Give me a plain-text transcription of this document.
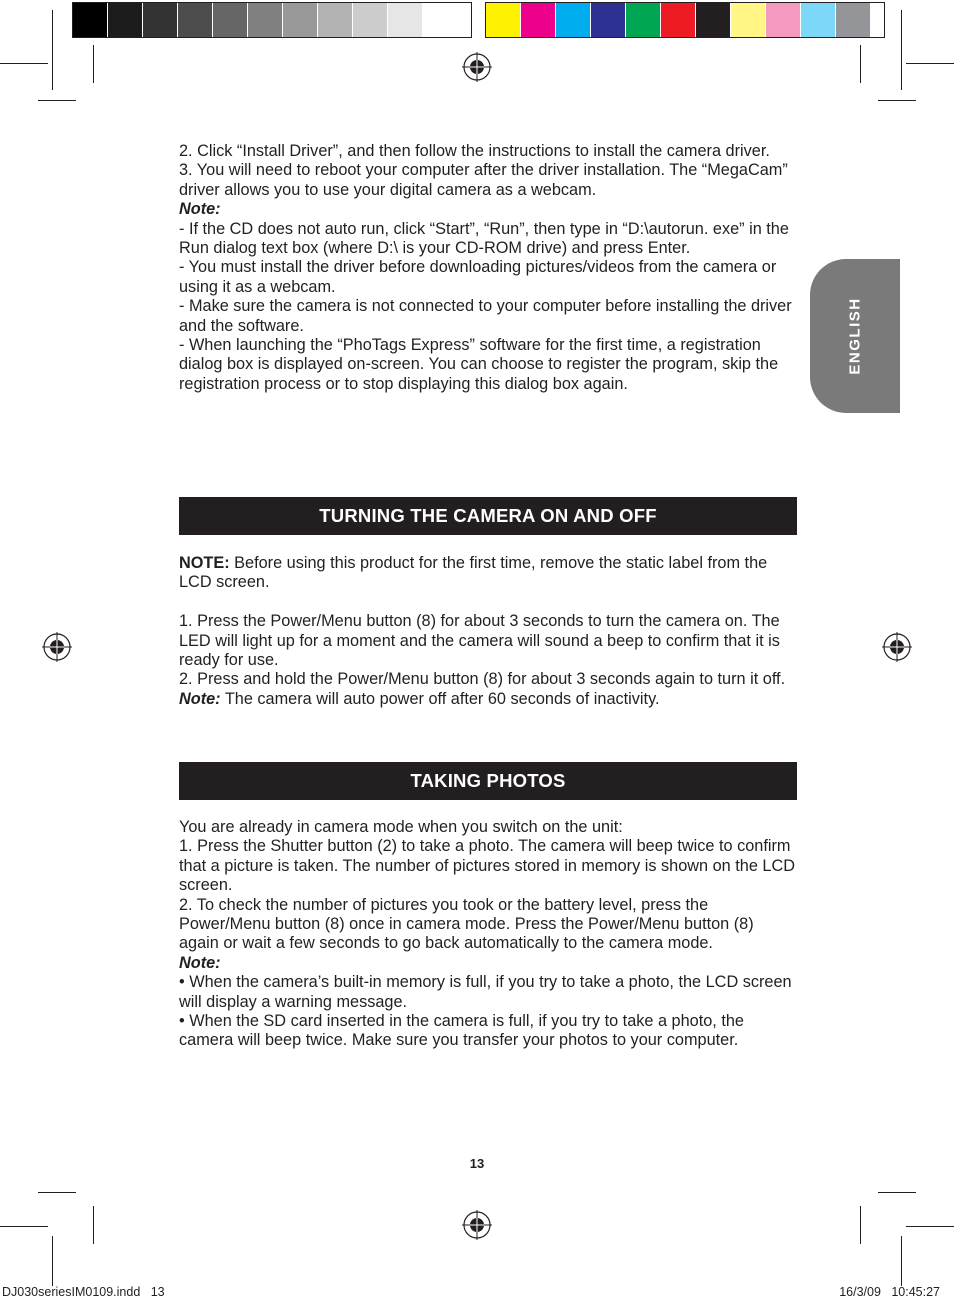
ENGLISH

2. Click “Install Driver”, and then follow the instructions to install the camera driver.

3. You will need to reboot your computer after the driver installation. The “MegaCam” driver allows you to use your digital camera as a webcam.

Note:

- If the CD does not auto run, click “Start”, “Run”, then type in “D:\autorun. exe” in the Run dialog text box (where D:\ is your CD-ROM drive) and press Enter.

- You must install the driver before downloading pictures/videos from the camera or using it as a webcam.

- Make sure the camera is not connected to your computer before installing the driver and the software.

- When launching the “PhoTags Express” software for the first time, a registration dialog box is displayed on-screen. You can choose to register the program, skip the registration process or to stop displaying this dialog box again.

TURNING THE CAMERA ON AND OFF

NOTE: Before using this product for the first time, remove the static label from the LCD screen.

1. Press the Power/Menu button (8) for about 3 seconds to turn the camera on. The LED will light up for a moment and the camera will sound a beep to confirm that it is ready for use.

2. Press and hold the Power/Menu button (8) for about 3 seconds again to turn it off.

Note: The camera will auto power off after 60 seconds of inactivity.

TAKING PHOTOS

You are already in camera mode when you switch on the unit:

1. Press the Shutter button (2) to take a photo. The camera will beep twice to confirm that a picture is taken. The number of pictures stored in memory is shown on the LCD screen.

2. To check the number of pictures you took or the battery level, press the Power/Menu button (8) once in camera mode. Press the Power/Menu button (8) again or wait a few seconds to go back automatically to the camera mode.

Note:

• When the camera’s built-in memory is full, if you try to take a photo, the LCD screen will display a warning message.

• When the SD card inserted in the camera is full, if you try to take a photo, the camera will beep twice. Make sure you transfer your photos to your computer.

13
DJ030seriesIM0109.indd   13	16/3/09   10:45:27
